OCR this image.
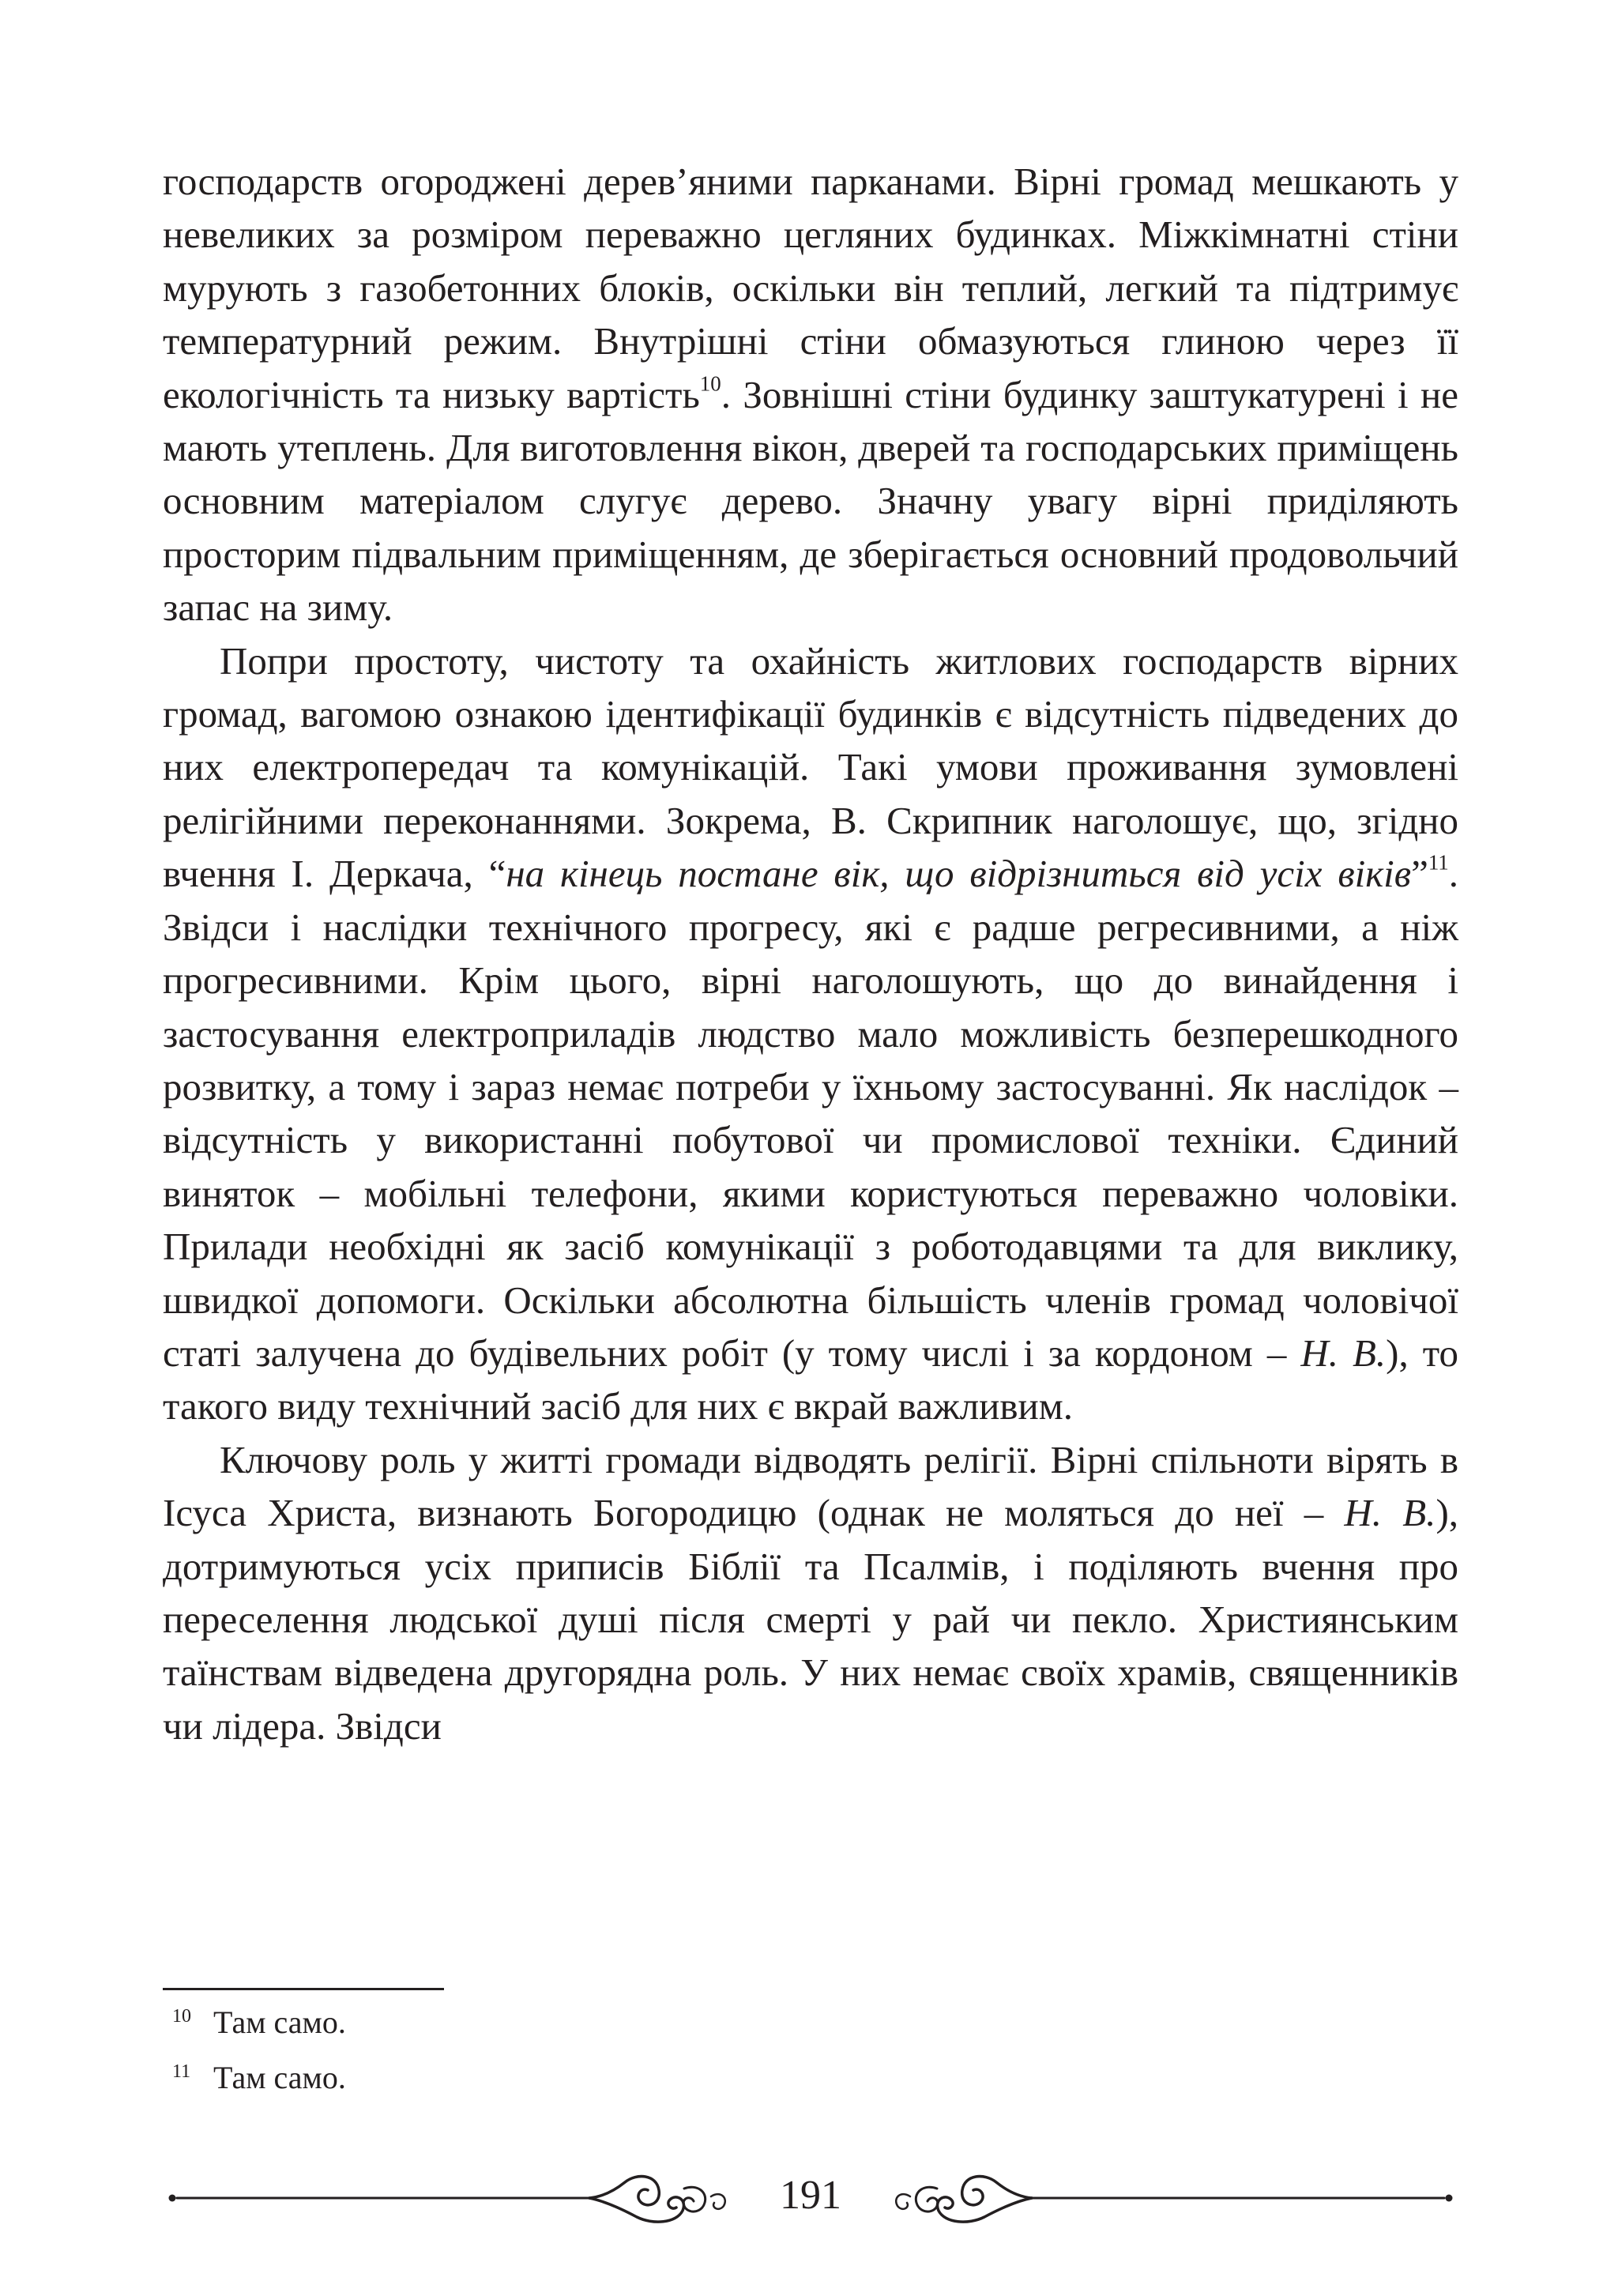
господарств огороджені дерев’яними парканами. Вірні громад мешкають у невеликих за розміром переважно цегляних будинках. Міжкімнатні стіни мурують з газобетонних блоків, оскільки він теплий, легкий та підтримує температурний режим. Внутрішні стіни обмазуються глиною через її екологічність та низьку вартість$^{10}$. Зовнішні стіни будинку заштукатурені і не мають утеплень. Для виготовлення вікон, дверей та господарських приміщень основним матеріалом слугує дерево. Значну увагу вірні приділяють просторим підвальним приміщенням, де зберігається основний продовольчий запас на зиму.

Попри простоту, чистоту та охайність житлових господарств вірних громад, вагомою ознакою ідентифікації будинків є відсутність підведених до них електропередач та комунікацій. Такі умови проживання зумовлені релігійними переконаннями. Зокрема, В. Скрипник наголошує, що, згідно вчення І. Деркача, “на кінець постане вік, що відрізниться від усіх віків”$^{11}$. Звідси і наслідки технічного прогресу, які є радше регресивними, а ніж прогресивними. Крім цього, вірні наголошують, що до винайдення і застосування електроприладів людство мало можливість безперешкодного розвитку, а тому і зараз немає потреби у їхньому застосуванні. Як наслідок – відсутність у використанні побутової чи промислової техніки. Єдиний виняток – мобільні телефони, якими користуються переважно чоловіки. Прилади необхідні як засіб комунікації з роботодавцями та для виклику, швидкої допомоги. Оскільки абсолютна більшість членів громад чоловічої статі залучена до будівельних робіт (у тому числі і за кордоном – Н. В.), то такого виду технічний засіб для них є вкрай важливим.

Ключову роль у житті громади відводять релігії. Вірні спільноти вірять в Ісуса Христа, визнають Богородицю (однак не моляться до неї – Н. В.), дотримуються усіх приписів Біблії та Псалмів, і поділяють вчення про переселення людської душі після смерті у рай чи пекло. Християнським таїнствам відведена другорядна роль. У них немає своїх храмів, священників чи лідера. Звідси

10 Там само.
11 Там само.
191
